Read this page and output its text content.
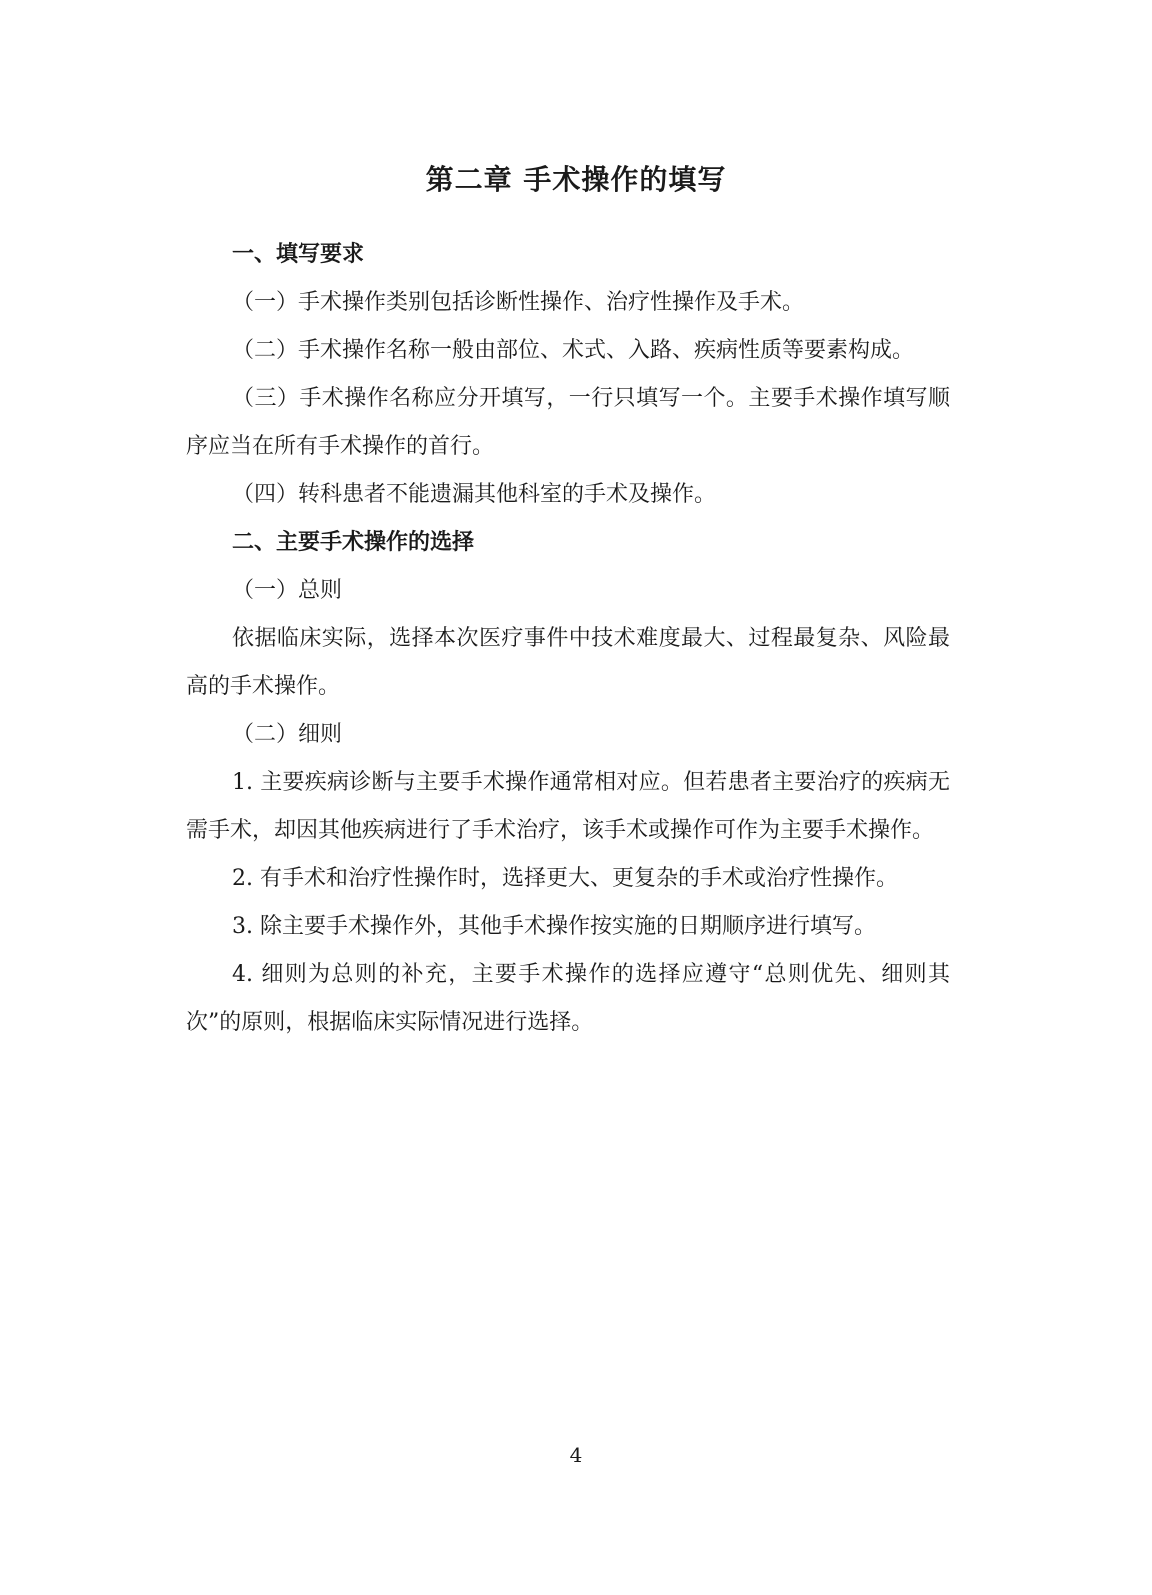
第二章 手术操作的填写

一、填写要求

（一）手术操作类别包括诊断性操作、治疗性操作及手术。

（二）手术操作名称一般由部位、术式、入路、疾病性质等要素构成。

（三）手术操作名称应分开填写，一行只填写一个。主要手术操作填写顺序应当在所有手术操作的首行。

（四）转科患者不能遗漏其他科室的手术及操作。

二、主要手术操作的选择

（一）总则

依据临床实际，选择本次医疗事件中技术难度最大、过程最复杂、风险最高的手术操作。

（二）细则

1. 主要疾病诊断与主要手术操作通常相对应。但若患者主要治疗的疾病无需手术，却因其他疾病进行了手术治疗，该手术或操作可作为主要手术操作。

2. 有手术和治疗性操作时，选择更大、更复杂的手术或治疗性操作。

3. 除主要手术操作外，其他手术操作按实施的日期顺序进行填写。

4. 细则为总则的补充，主要手术操作的选择应遵守“总则优先、细则其次”的原则，根据临床实际情况进行选择。

4
